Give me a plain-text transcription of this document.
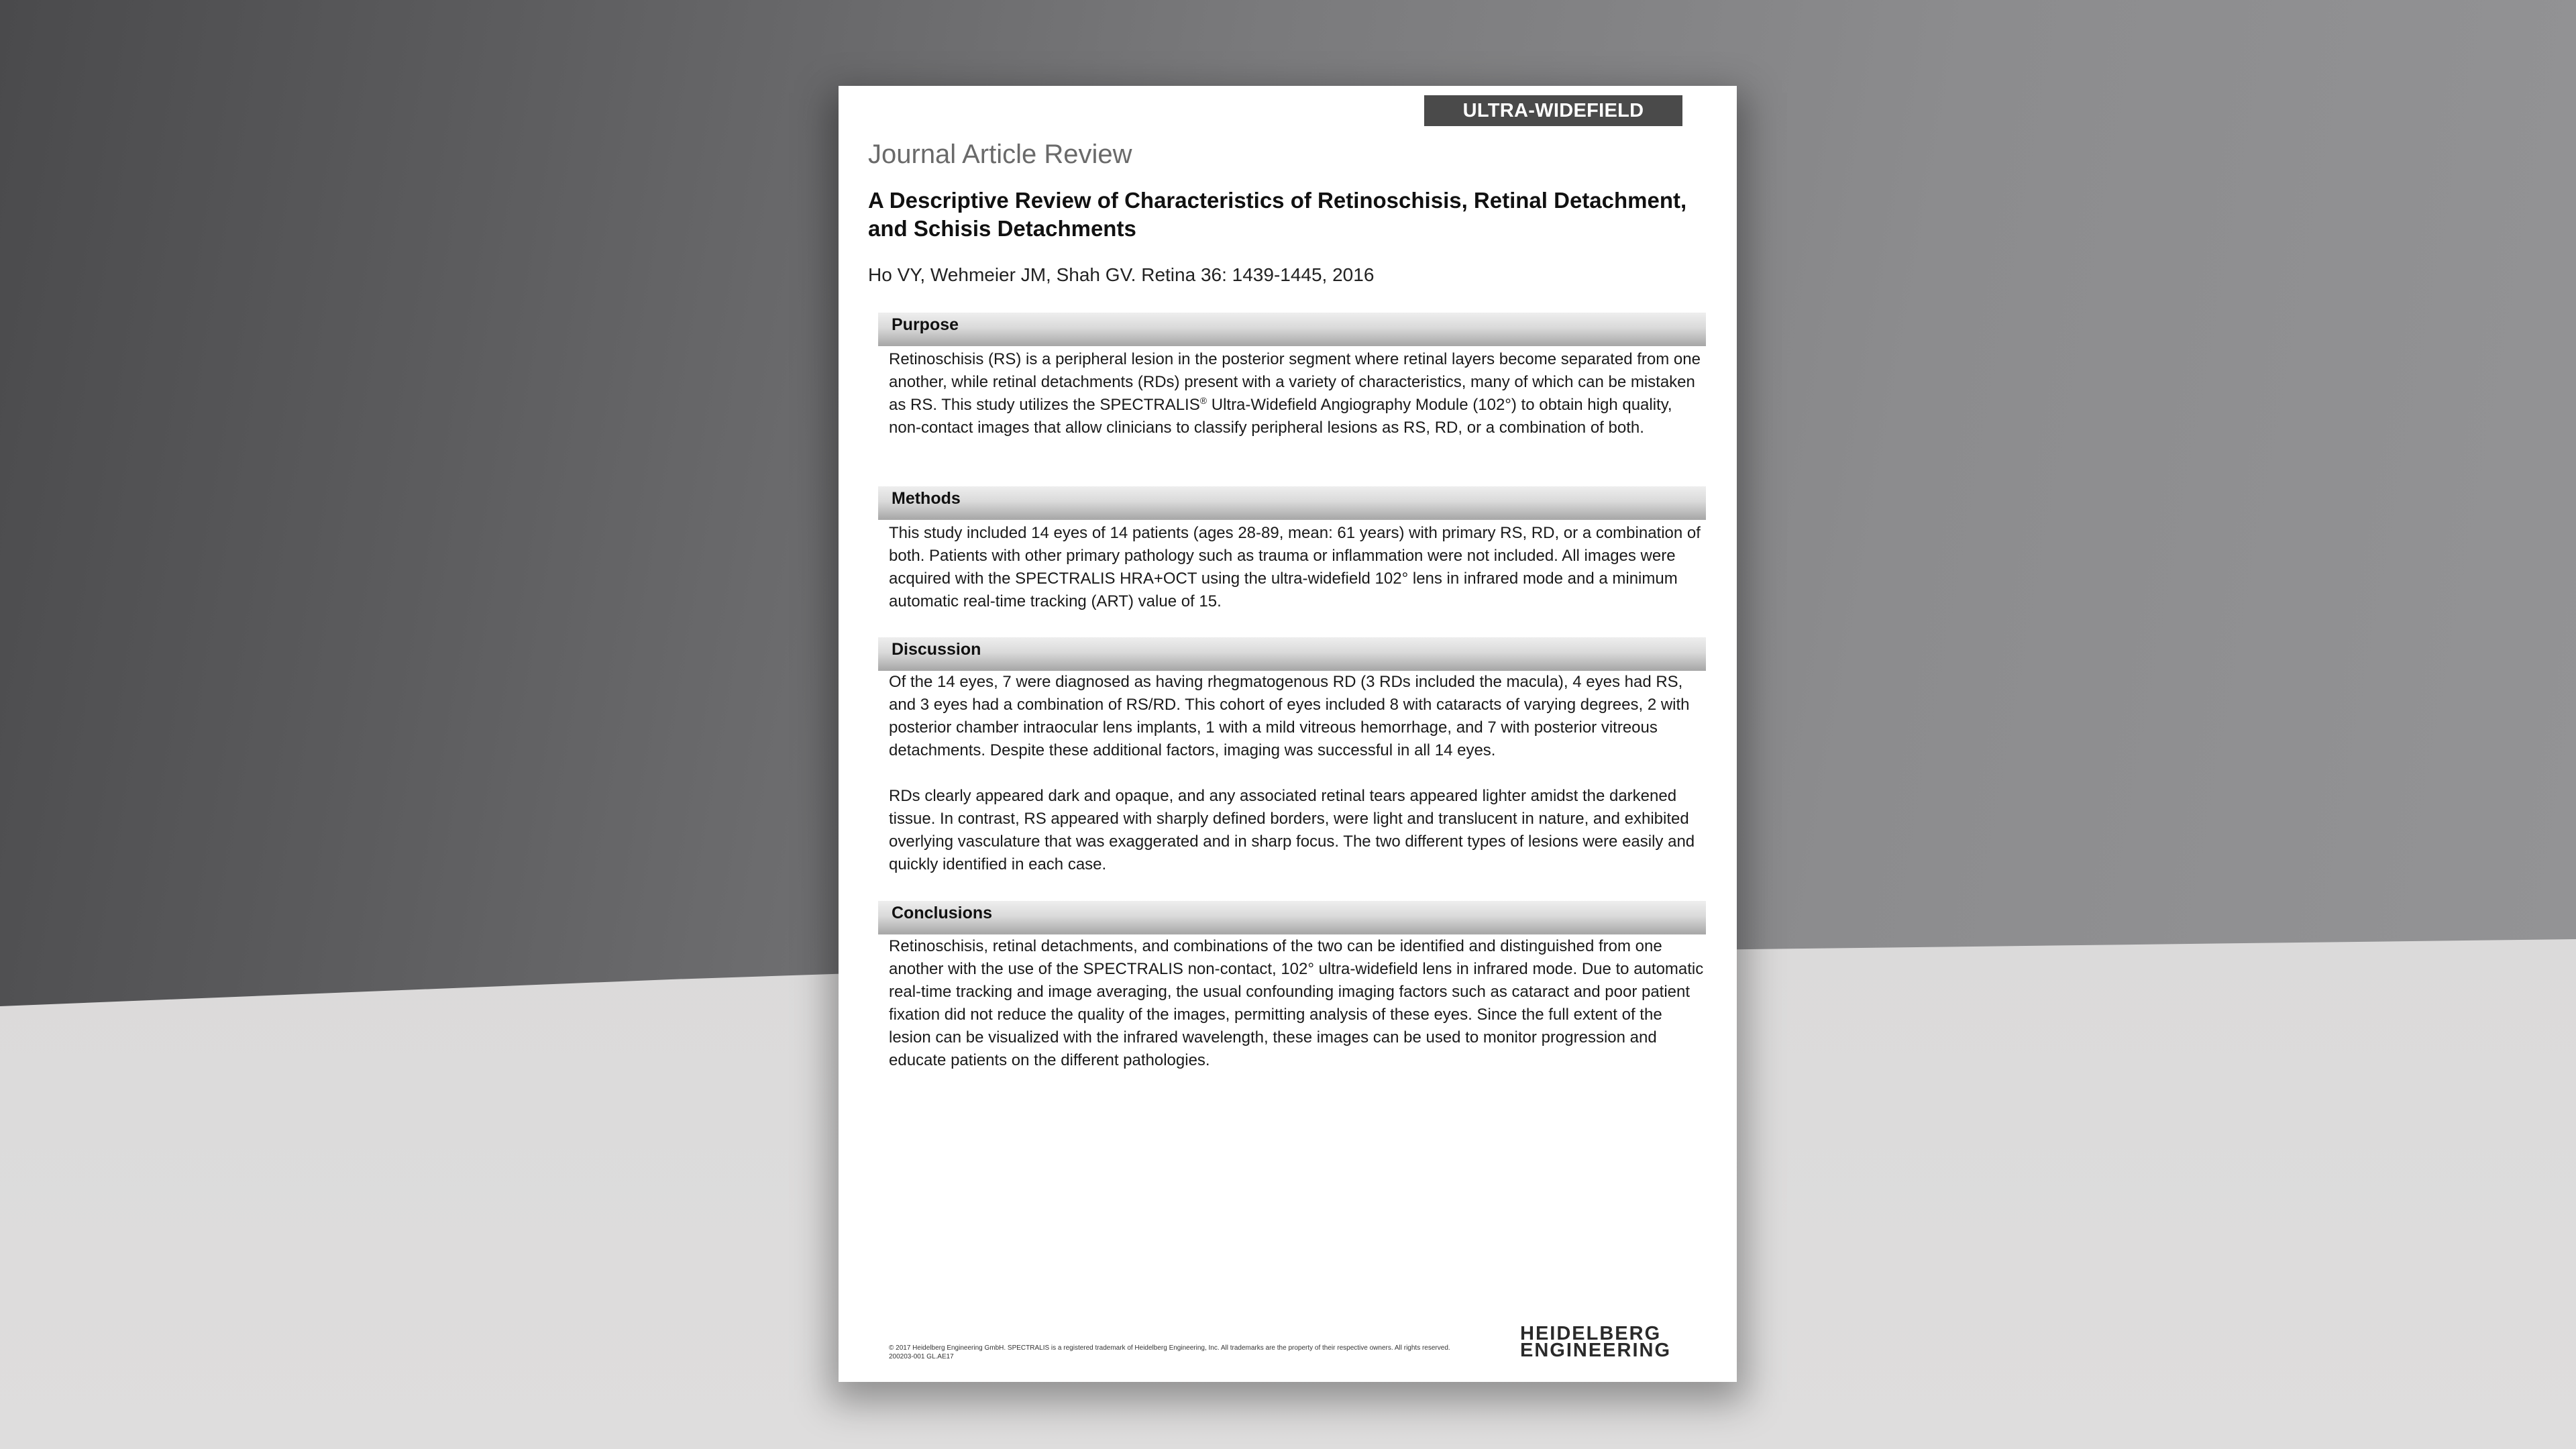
ULTRA-WIDEFIELD IMAGING
Journal Article Review
A Descriptive Review of Characteristics of Retinoschisis, Retinal Detachment, and Schisis Detachments
Ho VY, Wehmeier JM, Shah GV. Retina 36: 1439-1445, 2016
Purpose

Retinoschisis (RS) is a peripheral lesion in the posterior segment where retinal layers become separated from one another, while retinal detachments (RDs) present with a variety of characteristics, many of which can be mistaken as RS. This study utilizes the SPECTRALIS® Ultra-Widefield Angiography Module (102°) to obtain high quality, non-contact images that allow clinicians to classify peripheral lesions as RS, RD, or a combination of both.

Methods

This study included 14 eyes of 14 patients (ages 28-89, mean: 61 years) with primary RS, RD, or a combination of both. Patients with other primary pathology such as trauma or inflammation were not included. All images were acquired with the SPECTRALIS HRA+OCT using the ultra-widefield 102° lens in infrared mode and a minimum automatic real-time tracking (ART) value of 15.

Discussion

Of the 14 eyes, 7 were diagnosed as having rhegmatogenous RD (3 RDs included the macula), 4 eyes had RS, and 3 eyes had a combination of RS/RD. This cohort of eyes included 8 with cataracts of varying degrees, 2 with posterior chamber intraocular lens implants, 1 with a mild vitreous hemorrhage, and 7 with posterior vitreous detachments. Despite these additional factors, imaging was successful in all 14 eyes.

RDs clearly appeared dark and opaque, and any associated retinal tears appeared lighter amidst the darkened tissue. In contrast, RS appeared with sharply defined borders, were light and translucent in nature, and exhibited overlying vasculature that was exaggerated and in sharp focus. The two different types of lesions were easily and quickly identified in each case.

Conclusions

Retinoschisis, retinal detachments, and combinations of the two can be identified and distinguished from one another with the use of the SPECTRALIS non-contact, 102° ultra-widefield lens in infrared mode. Due to automatic real-time tracking and image averaging, the usual confounding imaging factors such as cataract and poor patient fixation did not reduce the quality of the images, permitting analysis of these eyes. Since the full extent of the lesion can be visualized with the infrared wavelength, these images can be used to monitor progression and educate patients on the different pathologies.

© 2017 Heidelberg Engineering GmbH. SPECTRALIS is a registered trademark of Heidelberg Engineering, Inc. All trademarks are the property of their respective owners. All rights reserved.
200203-001 GL.AE17
HEIDELBERG
ENGINEERING
